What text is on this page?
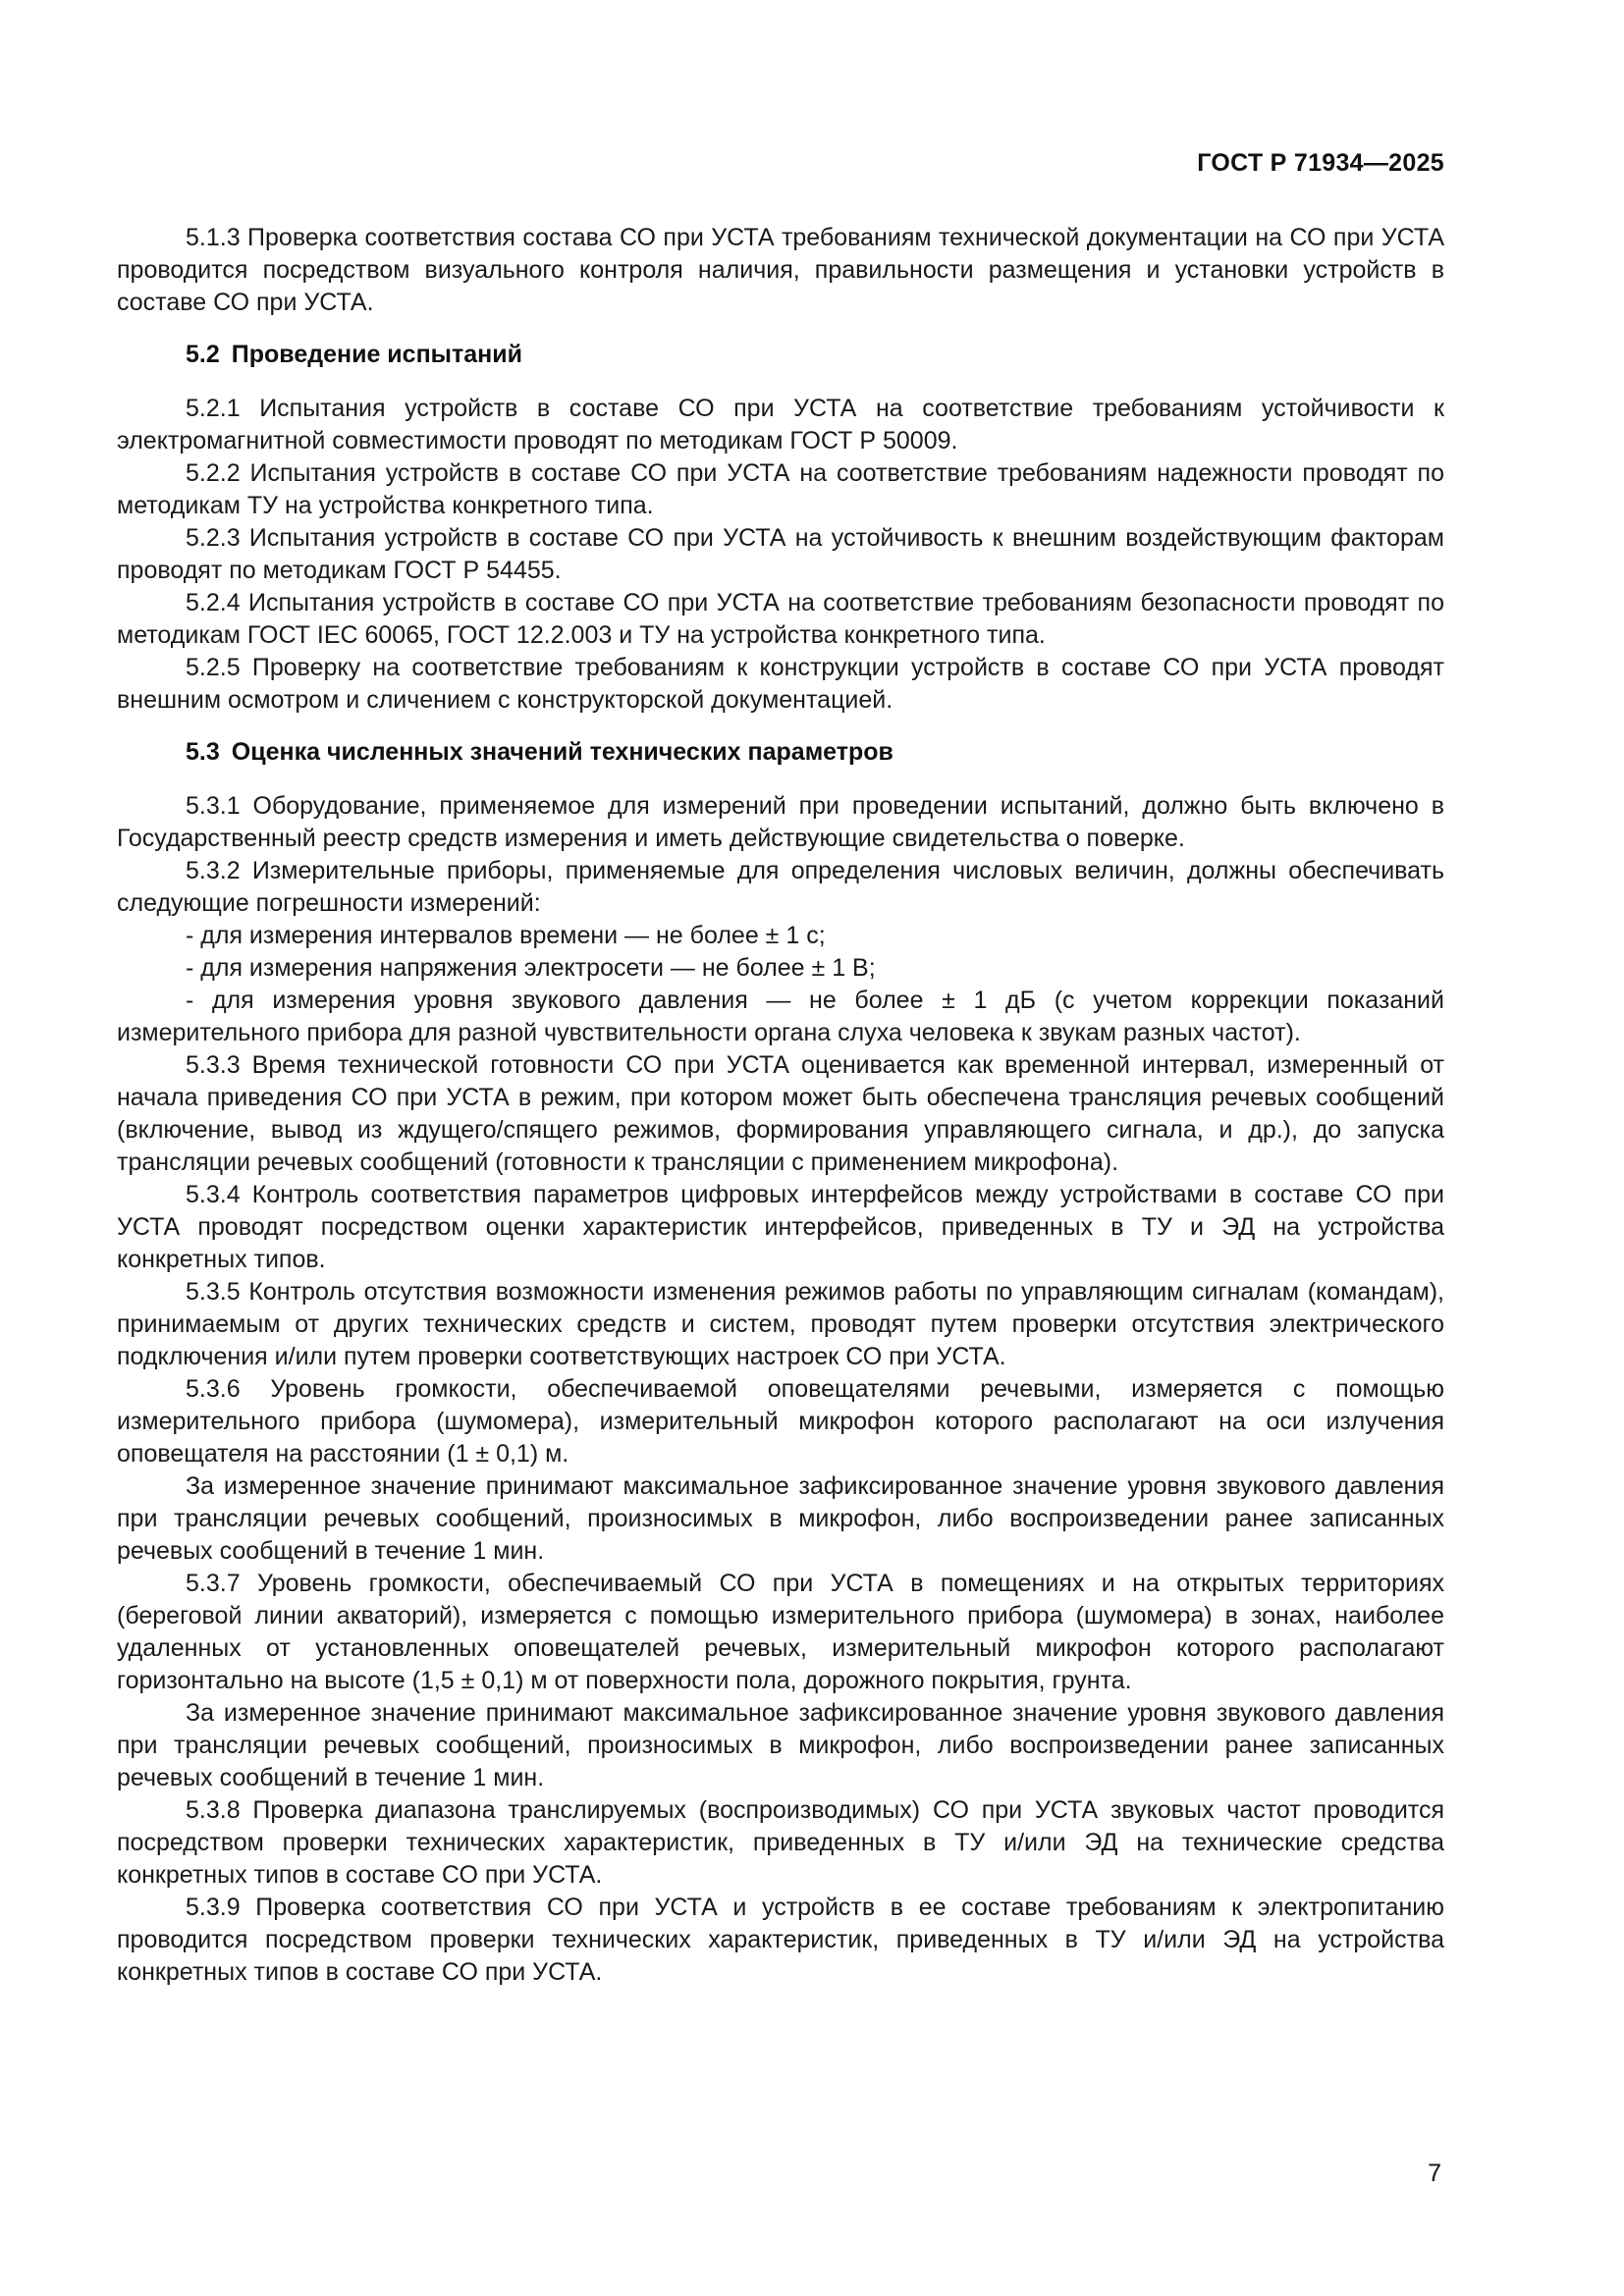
ГОСТ Р 71934—2025

5.1.3 Проверка соответствия состава СО при УСТА требованиям технической документации на СО при УСТА проводится посредством визуального контроля наличия, правильности размещения и установки устройств в составе СО при УСТА.

5.2 Проведение испытаний

5.2.1 Испытания устройств в составе СО при УСТА на соответствие требованиям устойчивости к электромагнитной совместимости проводят по методикам ГОСТ Р 50009.

5.2.2 Испытания устройств в составе СО при УСТА на соответствие требованиям надежности проводят по методикам ТУ на устройства конкретного типа.

5.2.3 Испытания устройств в составе СО при УСТА на устойчивость к внешним воздействующим факторам проводят по методикам ГОСТ Р 54455.

5.2.4 Испытания устройств в составе СО при УСТА на соответствие требованиям безопасности проводят по методикам ГОСТ IEC 60065, ГОСТ 12.2.003 и ТУ на устройства конкретного типа.

5.2.5 Проверку на соответствие требованиям к конструкции устройств в составе СО при УСТА проводят внешним осмотром и сличением с конструкторской документацией.

5.3 Оценка численных значений технических параметров

5.3.1 Оборудование, применяемое для измерений при проведении испытаний, должно быть включено в Государственный реестр средств измерения и иметь действующие свидетельства о поверке.

5.3.2 Измерительные приборы, применяемые для определения числовых величин, должны обеспечивать следующие погрешности измерений:

- для измерения интервалов времени — не более ± 1 с;

- для измерения напряжения электросети — не более ± 1 В;

- для измерения уровня звукового давления — не более ± 1 дБ (с учетом коррекции показаний измерительного прибора для разной чувствительности органа слуха человека к звукам разных частот).

5.3.3 Время технической готовности СО при УСТА оценивается как временной интервал, измеренный от начала приведения СО при УСТА в режим, при котором может быть обеспечена трансляция речевых сообщений (включение, вывод из ждущего/спящего режимов, формирования управляющего сигнала, и др.), до запуска трансляции речевых сообщений (готовности к трансляции с применением микрофона).

5.3.4 Контроль соответствия параметров цифровых интерфейсов между устройствами в составе СО при УСТА проводят посредством оценки характеристик интерфейсов, приведенных в ТУ и ЭД на устройства конкретных типов.

5.3.5 Контроль отсутствия возможности изменения режимов работы по управляющим сигналам (командам), принимаемым от других технических средств и систем, проводят путем проверки отсутствия электрического подключения и/или путем проверки соответствующих настроек СО при УСТА.

5.3.6 Уровень громкости, обеспечиваемой оповещателями речевыми, измеряется с помощью измерительного прибора (шумомера), измерительный микрофон которого располагают на оси излучения оповещателя на расстоянии (1 ± 0,1) м.

За измеренное значение принимают максимальное зафиксированное значение уровня звукового давления при трансляции речевых сообщений, произносимых в микрофон, либо воспроизведении ранее записанных речевых сообщений в течение 1 мин.

5.3.7 Уровень громкости, обеспечиваемый СО при УСТА в помещениях и на открытых территориях (береговой линии акваторий), измеряется с помощью измерительного прибора (шумомера) в зонах, наиболее удаленных от установленных оповещателей речевых, измерительный микрофон которого располагают горизонтально на высоте (1,5 ± 0,1) м от поверхности пола, дорожного покрытия, грунта.

За измеренное значение принимают максимальное зафиксированное значение уровня звукового давления при трансляции речевых сообщений, произносимых в микрофон, либо воспроизведении ранее записанных речевых сообщений в течение 1 мин.

5.3.8 Проверка диапазона транслируемых (воспроизводимых) СО при УСТА звуковых частот проводится посредством проверки технических характеристик, приведенных в ТУ и/или ЭД на технические средства конкретных типов в составе СО при УСТА.

5.3.9 Проверка соответствия СО при УСТА и устройств в ее составе требованиям к электропитанию проводится посредством проверки технических характеристик, приведенных в ТУ и/или ЭД на устройства конкретных типов в составе СО при УСТА.

7
